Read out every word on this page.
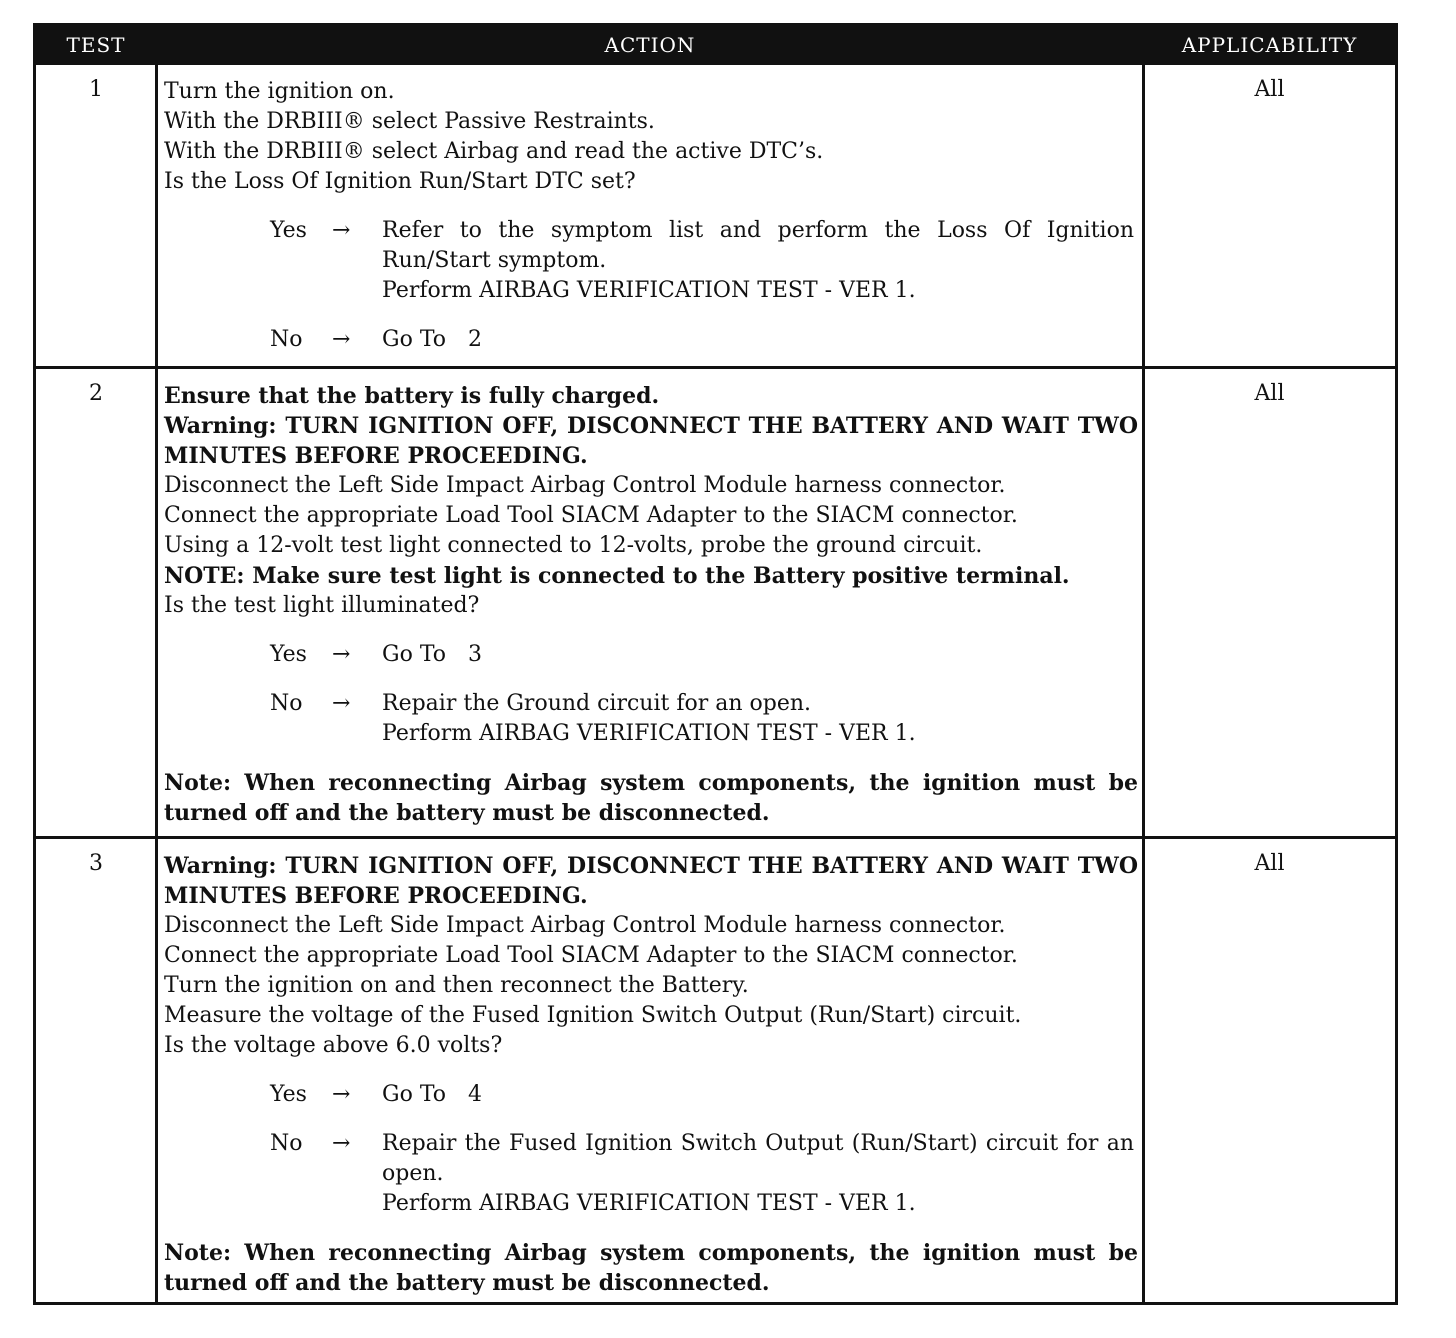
TEST	ACTION	APPLICABILITY
1	Turn the ignition on.
With the DRBIII® select Passive Restraints.
With the DRBIII® select Airbag and read the active DTC’s.
Is the Loss Of Ignition Run/Start DTC set?
Yes	→	Refer to the symptom list and perform the Loss Of Ignition Run/Start symptom.
Perform AIRBAG VERIFICATION TEST - VER 1.
No	→	Go To 2
All
2	Ensure that the battery is fully charged.
Warning: TURN IGNITION OFF, DISCONNECT THE BATTERY AND WAIT TWO MINUTES BEFORE PROCEEDING.
Disconnect the Left Side Impact Airbag Control Module harness connector.
Connect the appropriate Load Tool SIACM Adapter to the SIACM connector.
Using a 12-volt test light connected to 12-volts, probe the ground circuit.
NOTE: Make sure test light is connected to the Battery positive terminal.
Is the test light illuminated?
Yes	→	Go To 3
No	→	Repair the Ground circuit for an open.
Perform AIRBAG VERIFICATION TEST - VER 1.
Note: When reconnecting Airbag system components, the ignition must be turned off and the battery must be disconnected.
All
3	Warning: TURN IGNITION OFF, DISCONNECT THE BATTERY AND WAIT TWO MINUTES BEFORE PROCEEDING.
Disconnect the Left Side Impact Airbag Control Module harness connector.
Connect the appropriate Load Tool SIACM Adapter to the SIACM connector.
Turn the ignition on and then reconnect the Battery.
Measure the voltage of the Fused Ignition Switch Output (Run/Start) circuit.
Is the voltage above 6.0 volts?
Yes	→	Go To 4
No	→	Repair the Fused Ignition Switch Output (Run/Start) circuit for an open.
Perform AIRBAG VERIFICATION TEST - VER 1.
Note: When reconnecting Airbag system components, the ignition must be turned off and the battery must be disconnected.
All
